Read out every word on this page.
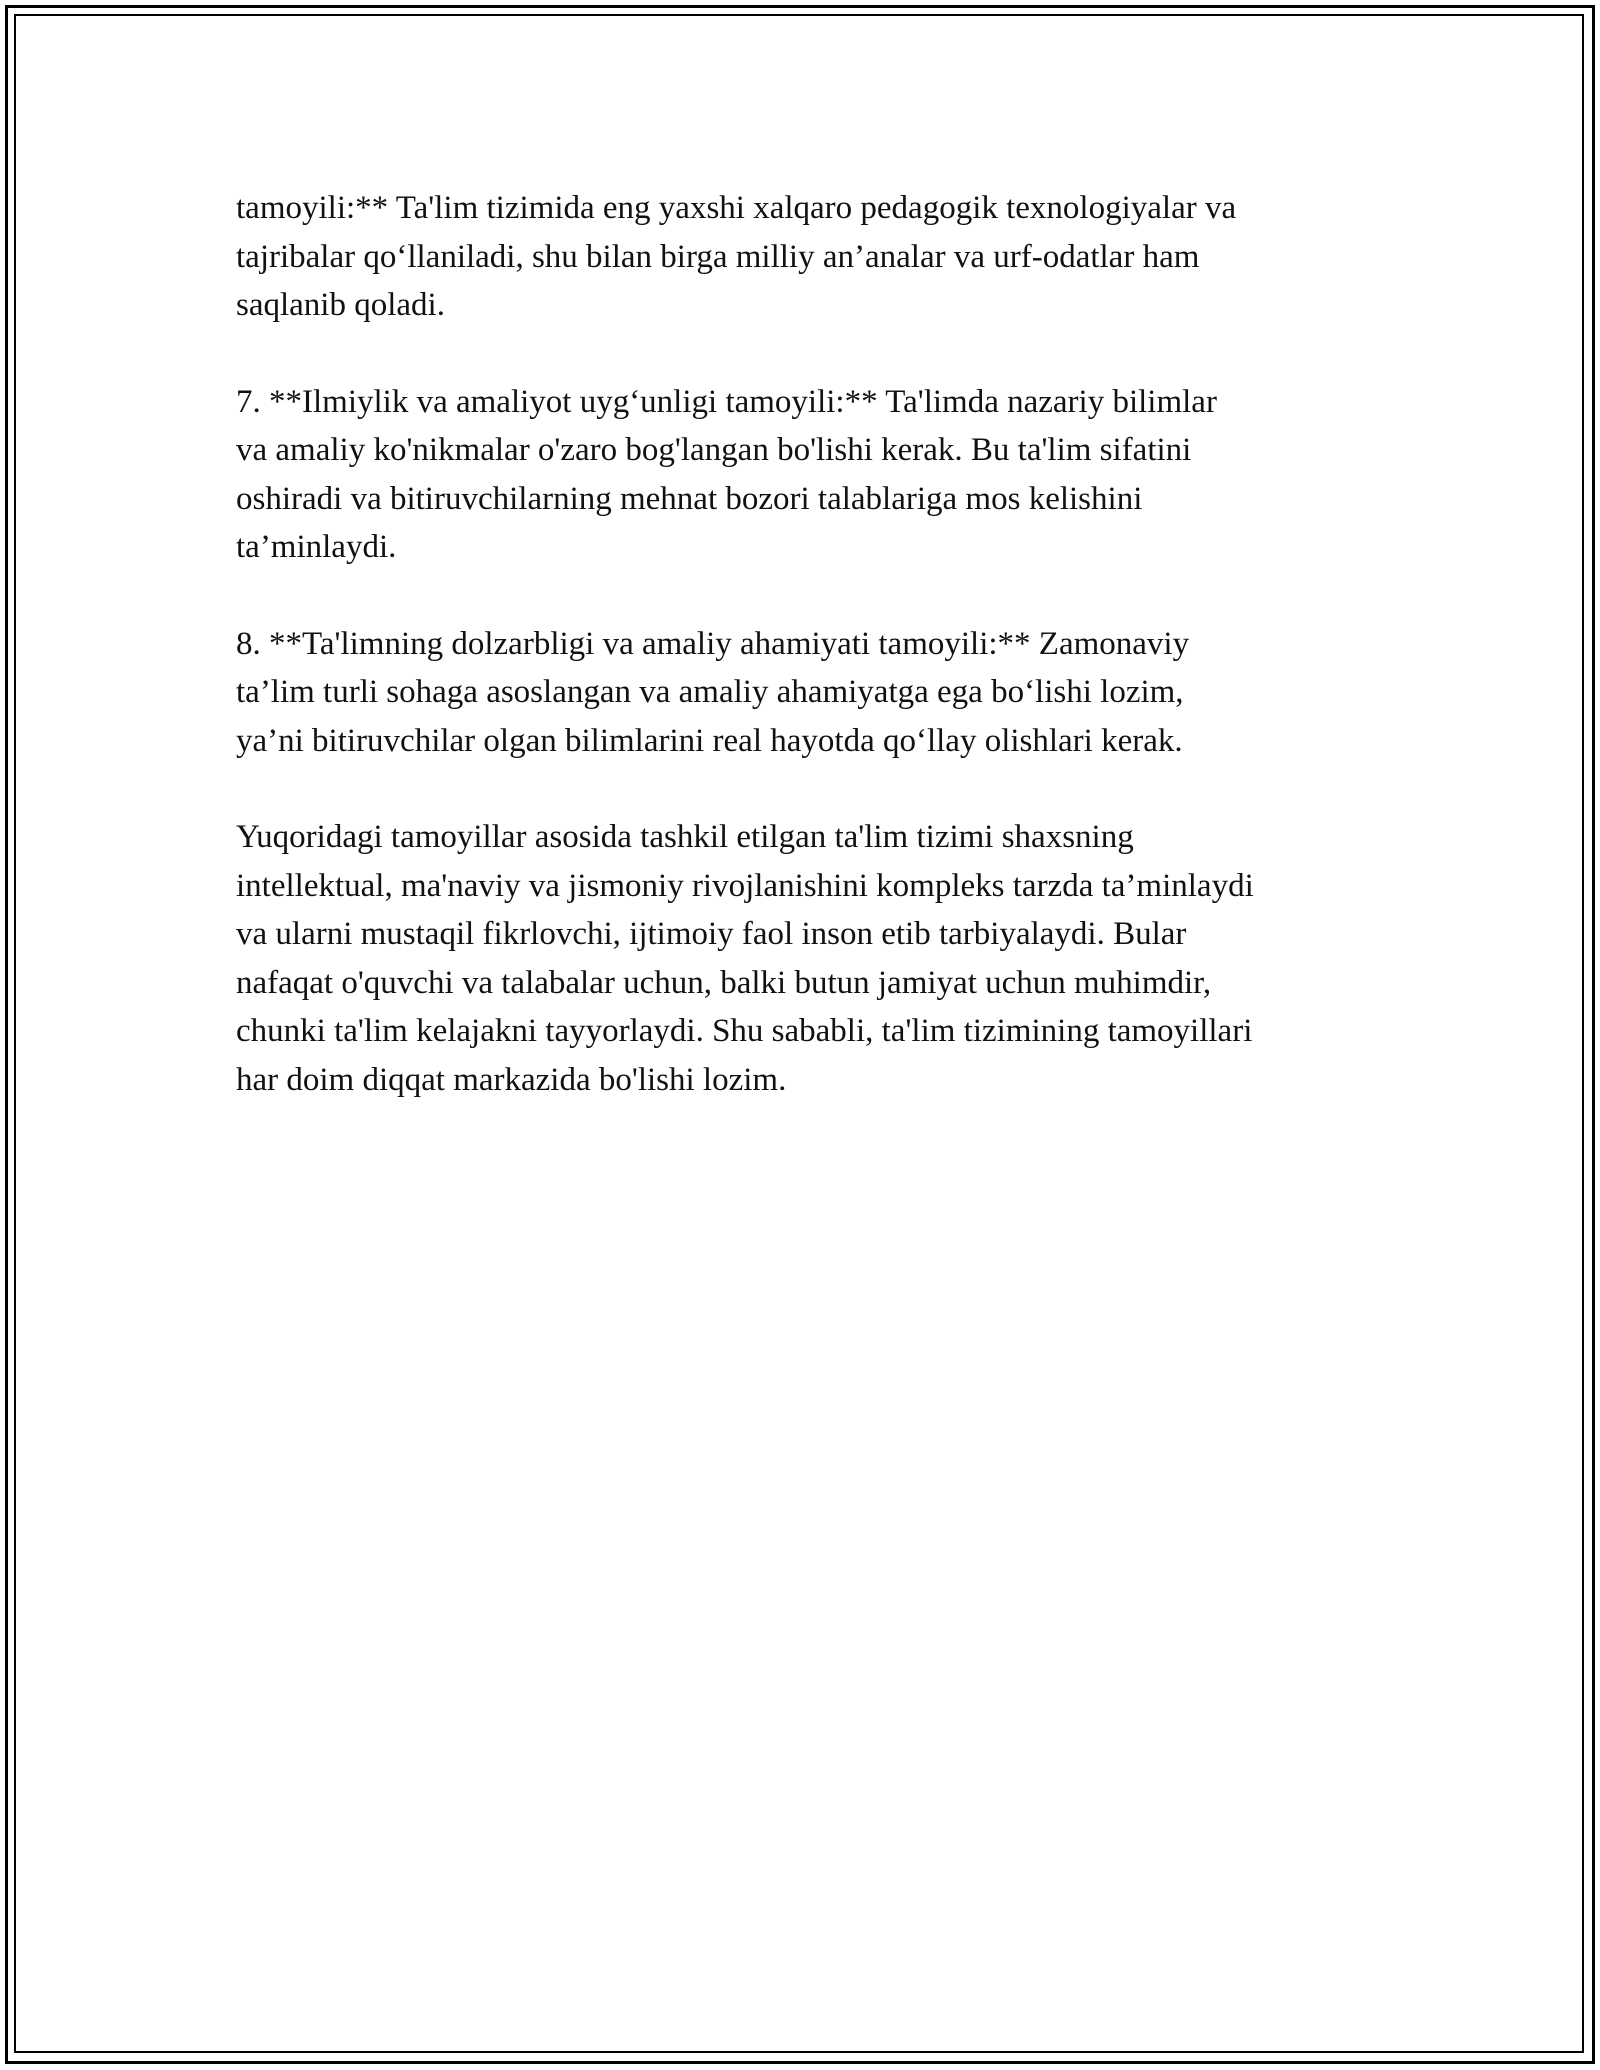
tamoyili:** Ta'lim tizimida eng yaxshi xalqaro pedagogik texnologiyalar va
tajribalar qo‘llaniladi, shu bilan birga milliy an’analar va urf-odatlar ham
saqlanib qoladi.

7. **Ilmiylik va amaliyot uyg‘unligi tamoyili:** Ta'limda nazariy bilimlar
va amaliy ko'nikmalar o'zaro bog'langan bo'lishi kerak. Bu ta'lim sifatini
oshiradi va bitiruvchilarning mehnat bozori talablariga mos kelishini
ta’minlaydi.

8. **Ta'limning dolzarbligi va amaliy ahamiyati tamoyili:** Zamonaviy
ta’lim turli sohaga asoslangan va amaliy ahamiyatga ega bo‘lishi lozim,
ya’ni bitiruvchilar olgan bilimlarini real hayotda qo‘llay olishlari kerak.

Yuqoridagi tamoyillar asosida tashkil etilgan ta'lim tizimi shaxsning
intellektual, ma'naviy va jismoniy rivojlanishini kompleks tarzda ta’minlaydi
va ularni mustaqil fikrlovchi, ijtimoiy faol inson etib tarbiyalaydi. Bular
nafaqat o'quvchi va talabalar uchun, balki butun jamiyat uchun muhimdir,
chunki ta'lim kelajakni tayyorlaydi. Shu sababli, ta'lim tizimining tamoyillari
har doim diqqat markazida bo'lishi lozim.
